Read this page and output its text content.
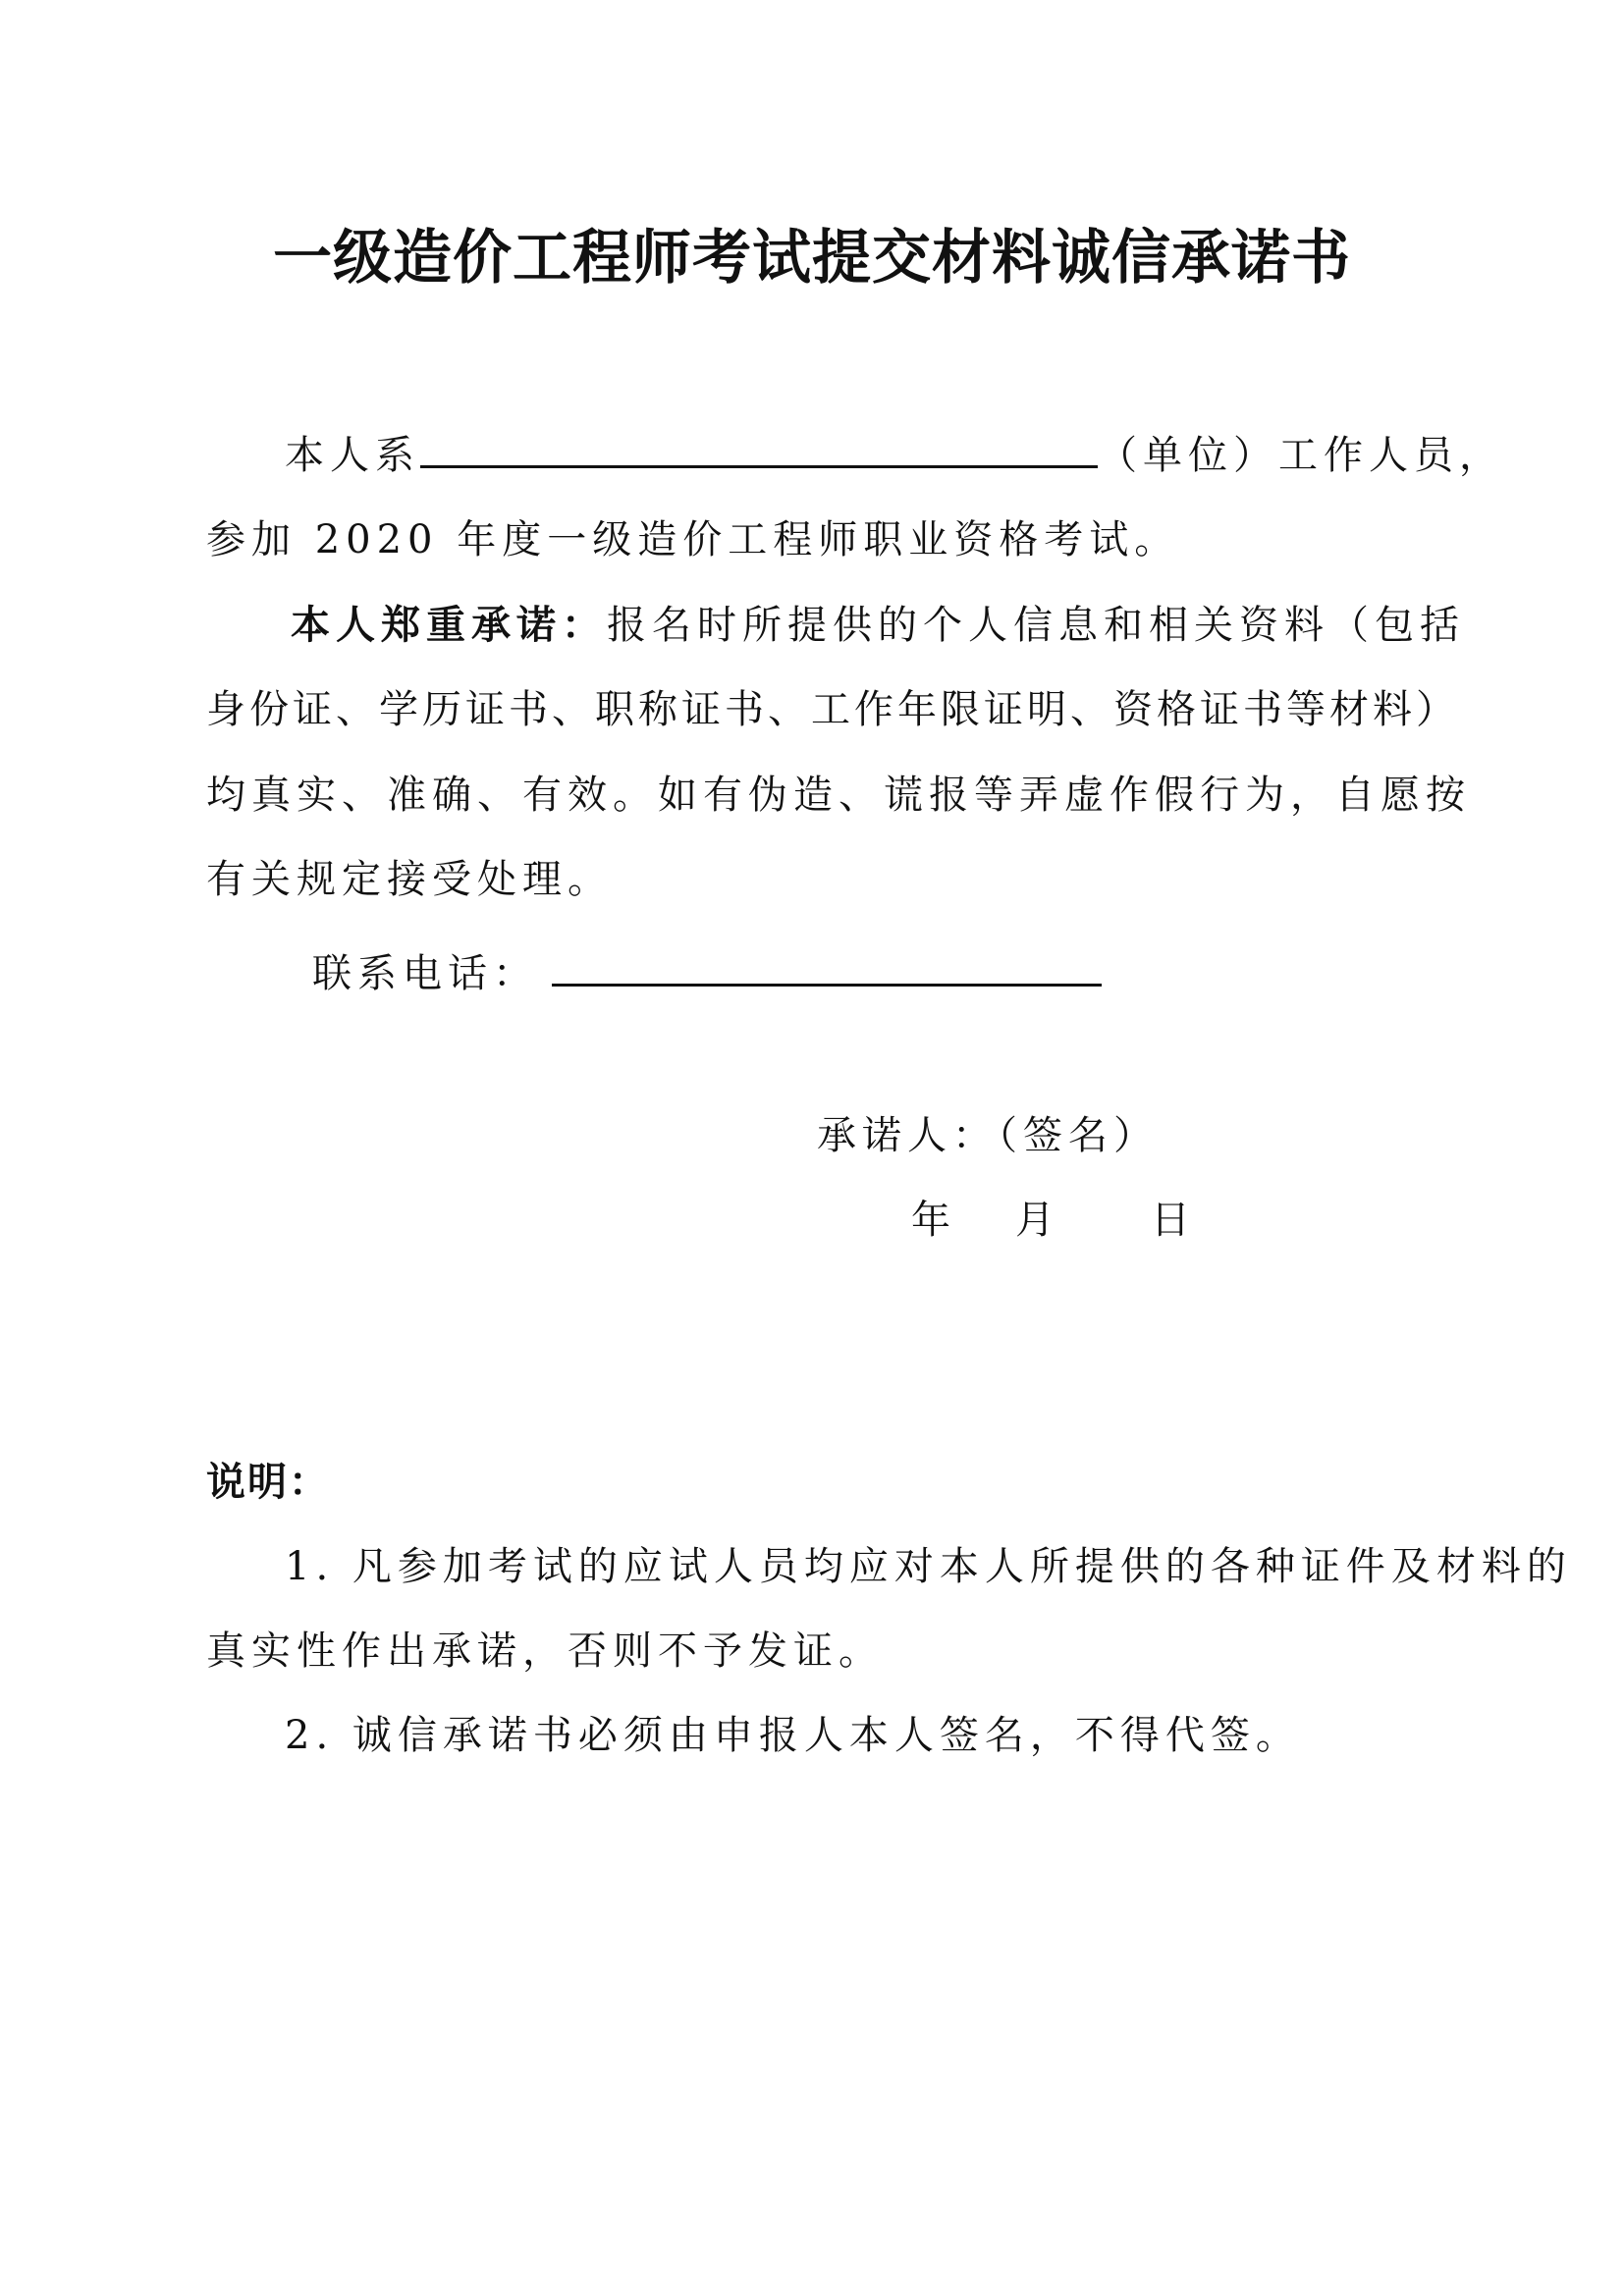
一级造价工程师考试提交材料诚信承诺书
本人系	（单位）工作人员，
参加 2020 年度一级造价工程师职业资格考试。
本人郑重承诺：报名时所提供的个人信息和相关资料（包括
身份证、学历证书、职称证书、工作年限证明、资格证书等材料）
均真实、准确、有效。如有伪造、谎报等弄虚作假行为，自愿按
有关规定接受处理。
联系电话：
承诺人：（签名）
年 月 日
说明：
1. 凡参加考试的应试人员均应对本人所提供的各种证件及材料的
真实性作出承诺，否则不予发证。
2. 诚信承诺书必须由申报人本人签名，不得代签。
